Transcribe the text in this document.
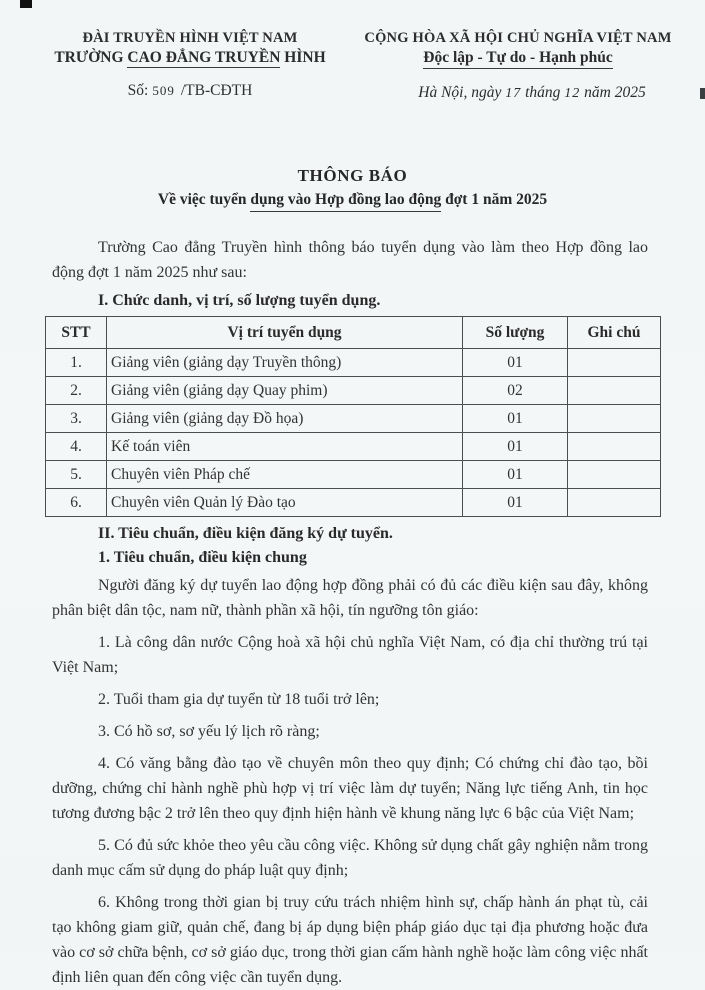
ĐÀI TRUYỀN HÌNH VIỆT NAM
TRƯỜNG CAO ĐẲNG TRUYỀN HÌNH
Số: 509 /TB-CĐTH
CỘNG HÒA XÃ HỘI CHỦ NGHĨA VIỆT NAM
Độc lập - Tự do - Hạnh phúc
Hà Nội, ngày 17 tháng 12 năm 2025
THÔNG BÁO
Về việc tuyển dụng vào Hợp đồng lao động đợt 1 năm 2025

Trường Cao đẳng Truyền hình thông báo tuyển dụng vào làm theo Hợp đồng lao động đợt 1 năm 2025 như sau:

I. Chức danh, vị trí, số lượng tuyển dụng.
STT	Vị trí tuyển dụng	Số lượng	Ghi chú
1.	Giảng viên (giảng dạy Truyền thông)	01	
2.	Giảng viên (giảng dạy Quay phim)	02	
3.	Giảng viên (giảng dạy Đồ họa)	01	
4.	Kế toán viên	01	
5.	Chuyên viên Pháp chế	01	
6.	Chuyên viên Quản lý Đào tạo	01	
II. Tiêu chuẩn, điều kiện đăng ký dự tuyển.
1. Tiêu chuẩn, điều kiện chung

Người đăng ký dự tuyển lao động hợp đồng phải có đủ các điều kiện sau đây, không phân biệt dân tộc, nam nữ, thành phần xã hội, tín ngưỡng tôn giáo:

1. Là công dân nước Cộng hoà xã hội chủ nghĩa Việt Nam, có địa chỉ thường trú tại Việt Nam;

2. Tuổi tham gia dự tuyển từ 18 tuổi trở lên;

3. Có hồ sơ, sơ yếu lý lịch rõ ràng;

4. Có văng bằng đào tạo về chuyên môn theo quy định; Có chứng chỉ đào tạo, bồi dưỡng, chứng chỉ hành nghề phù hợp vị trí việc làm dự tuyển; Năng lực tiếng Anh, tin học tương đương bậc 2 trở lên theo quy định hiện hành về khung năng lực 6 bậc của Việt Nam;

5. Có đủ sức khỏe theo yêu cầu công việc. Không sử dụng chất gây nghiện nằm trong danh mục cấm sử dụng do pháp luật quy định;

6. Không trong thời gian bị truy cứu trách nhiệm hình sự, chấp hành án phạt tù, cải tạo không giam giữ, quản chế, đang bị áp dụng biện pháp giáo dục tại địa phương hoặc đưa vào cơ sở chữa bệnh, cơ sở giáo dục, trong thời gian cấm hành nghề hoặc làm công việc nhất định liên quan đến công việc cần tuyển dụng.
